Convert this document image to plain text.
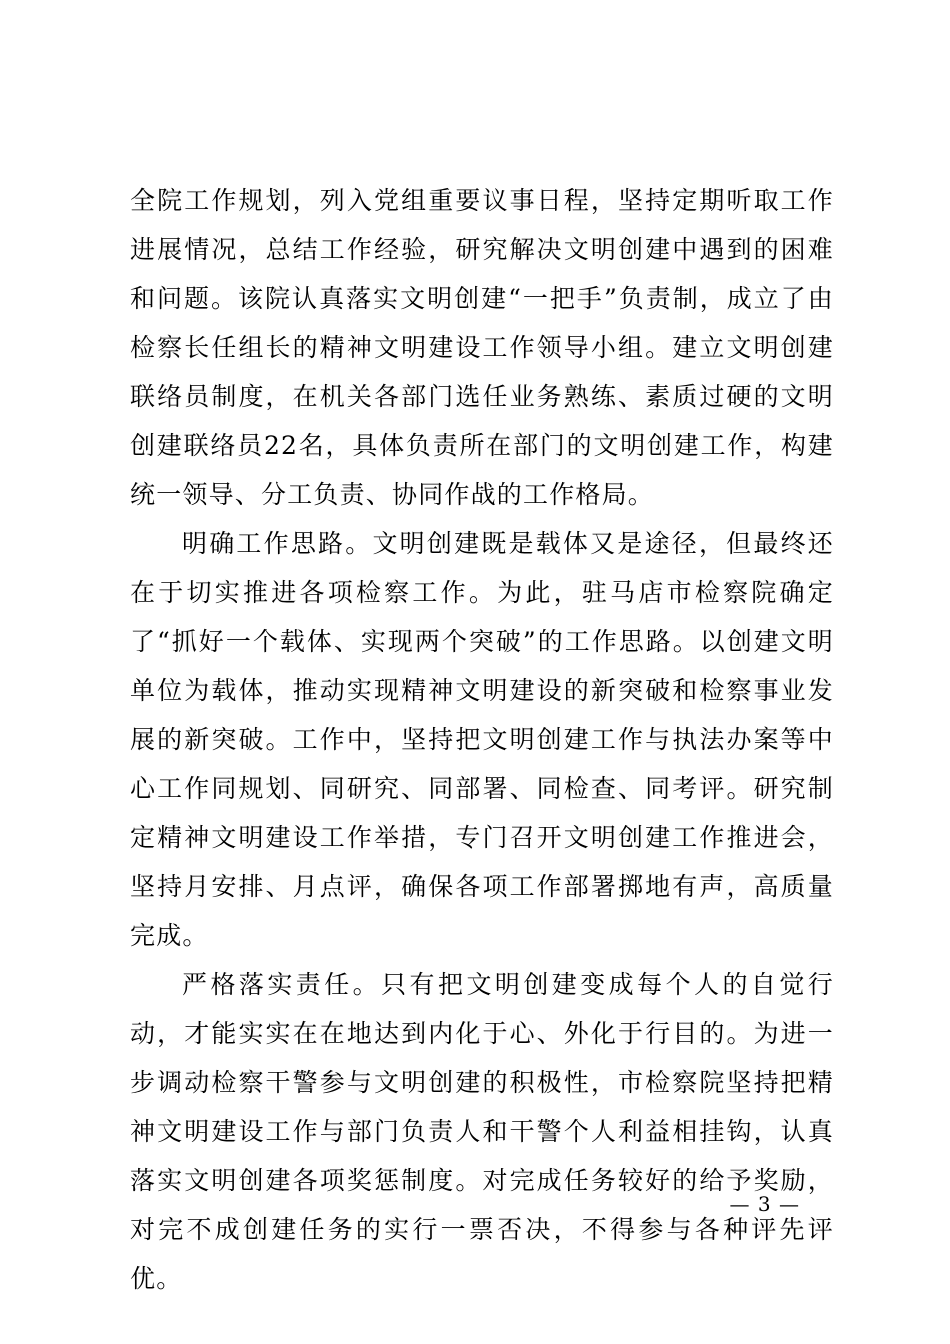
全院工作规划，列入党组重要议事日程，坚持定期听取工作进展情况，总结工作经验，研究解决文明创建中遇到的困难和问题。该院认真落实文明创建“一把手”负责制，成立了由检察长任组长的精神文明建设工作领导小组。建立文明创建联络员制度，在机关各部门选任业务熟练、素质过硬的文明创建联络员22名，具体负责所在部门的文明创建工作，构建统一领导、分工负责、协同作战的工作格局。

明确工作思路。文明创建既是载体又是途径，但最终还在于切实推进各项检察工作。为此，驻马店市检察院确定了“抓好一个载体、实现两个突破”的工作思路。以创建文明单位为载体，推动实现精神文明建设的新突破和检察事业发展的新突破。工作中，坚持把文明创建工作与执法办案等中心工作同规划、同研究、同部署、同检查、同考评。研究制定精神文明建设工作举措，专门召开文明创建工作推进会，坚持月安排、月点评，确保各项工作部署掷地有声，高质量完成。

严格落实责任。只有把文明创建变成每个人的自觉行动，才能实实在在地达到内化于心、外化于行目的。为进一步调动检察干警参与文明创建的积极性，市检察院坚持把精神文明建设工作与部门负责人和干警个人利益相挂钩，认真落实文明创建各项奖惩制度。对完成任务较好的给予奖励，对完不成创建任务的实行一票否决，不得参与各种评先评优。

— 3 —
